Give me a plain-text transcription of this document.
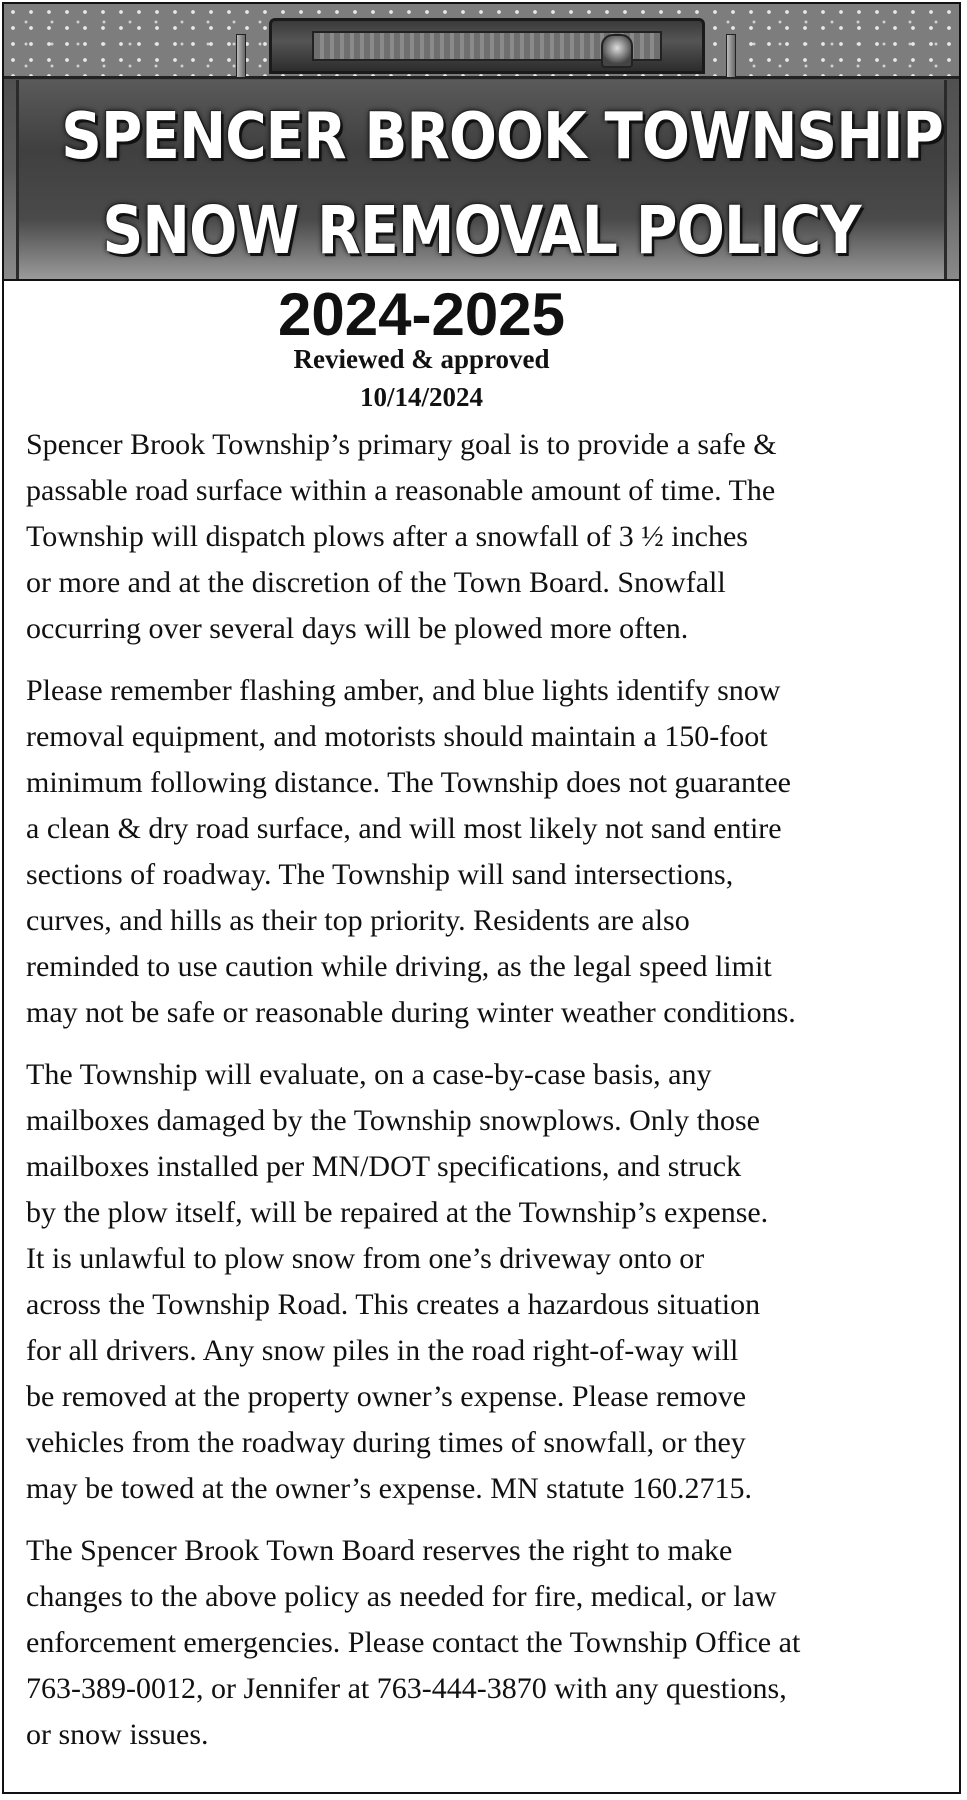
SPENCER BROOK TOWNSHIP
SNOW REMOVAL POLICY
2024-2025
Reviewed & approved
10/14/2024

Spencer Brook Township’s primary goal is to provide a safe &
passable road surface within a reasonable amount of time. The
Township will dispatch plows after a snowfall of 3 ½ inches
or more and at the discretion of the Town Board. Snowfall
occurring over several days will be plowed more often.

Please remember flashing amber, and blue lights identify snow
removal equipment, and motorists should maintain a 150-foot
minimum following distance. The Township does not guarantee
a clean & dry road surface, and will most likely not sand entire
sections of roadway. The Township will sand intersections,
curves, and hills as their top priority. Residents are also
reminded to use caution while driving, as the legal speed limit
may not be safe or reasonable during winter weather conditions.

The Township will evaluate, on a case-by-case basis, any
mailboxes damaged by the Township snowplows. Only those
mailboxes installed per MN/DOT specifications, and struck
by the plow itself, will be repaired at the Township’s expense.
It is unlawful to plow snow from one’s driveway onto or
across the Township Road. This creates a hazardous situation
for all drivers. Any snow piles in the road right-of-way will
be removed at the property owner’s expense. Please remove
vehicles from the roadway during times of snowfall, or they
may be towed at the owner’s expense. MN statute 160.2715.

The Spencer Brook Town Board reserves the right to make
changes to the above policy as needed for fire, medical, or law
enforcement emergencies. Please contact the Township Office at
763-389-0012, or Jennifer at 763-444-3870 with any questions,
or snow issues.
